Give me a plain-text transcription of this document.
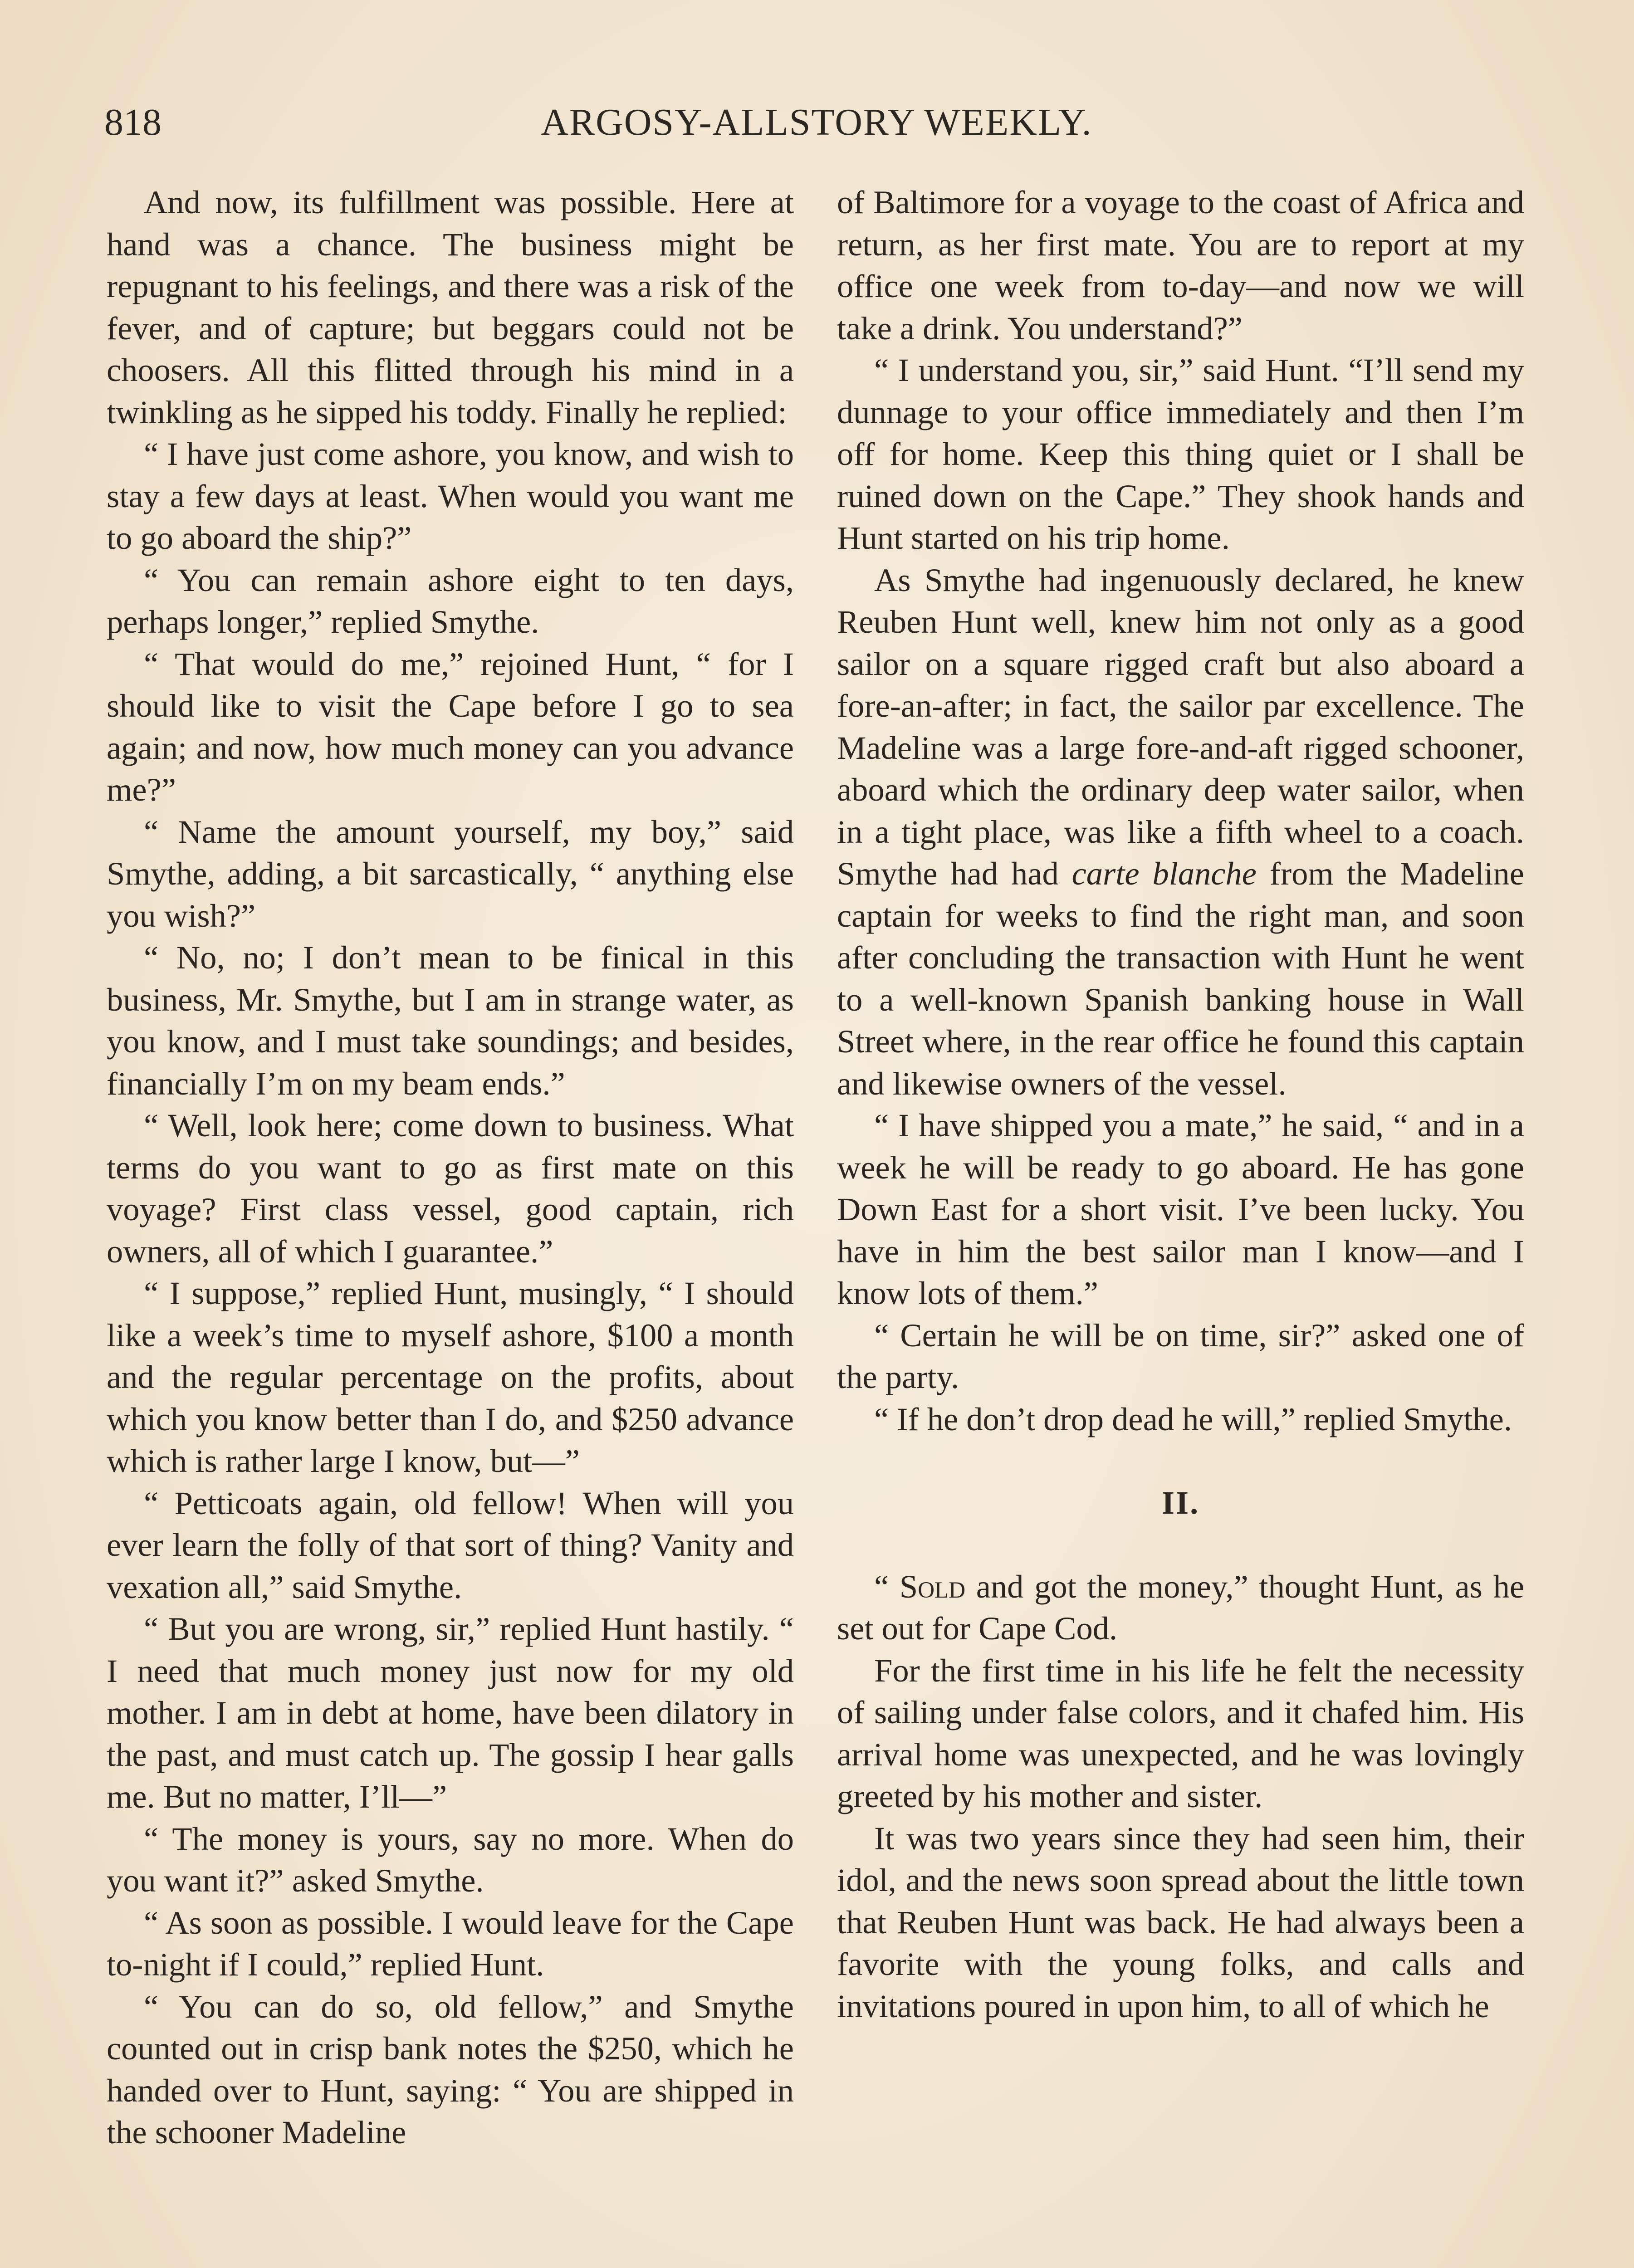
818	ARGOSY-ALLSTORY WEEKLY.

And now, its fulfillment was possible. Here at hand was a chance. The business might be repugnant to his feelings, and there was a risk of the fever, and of capture; but beggars could not be choosers. All this flitted through his mind in a twinkling as he sipped his toddy. Finally he replied:

“ I have just come ashore, you know, and wish to stay a few days at least. When would you want me to go aboard the ship?”

“ You can remain ashore eight to ten days, perhaps longer,” replied Smythe.

“ That would do me,” rejoined Hunt, “ for I should like to visit the Cape before I go to sea again; and now, how much money can you advance me?”

“ Name the amount yourself, my boy,” said Smythe, adding, a bit sarcastically, “ anything else you wish?”

“ No, no; I don’t mean to be finical in this business, Mr. Smythe, but I am in strange water, as you know, and I must take soundings; and besides, financially I’m on my beam ends.”

“ Well, look here; come down to business. What terms do you want to go as first mate on this voyage? First class vessel, good captain, rich owners, all of which I guarantee.”

“ I suppose,” replied Hunt, musingly, “ I should like a week’s time to myself ashore, $100 a month and the regular percentage on the profits, about which you know better than I do, and $250 advance which is rather large I know, but—”

“ Petticoats again, old fellow! When will you ever learn the folly of that sort of thing? Vanity and vexation all,” said Smythe.

“ But you are wrong, sir,” replied Hunt hastily. “ I need that much money just now for my old mother. I am in debt at home, have been dilatory in the past, and must catch up. The gossip I hear galls me. But no matter, I’ll—”

“ The money is yours, say no more. When do you want it?” asked Smythe.

“ As soon as possible. I would leave for the Cape to-night if I could,” replied Hunt.

“ You can do so, old fellow,” and Smythe counted out in crisp bank notes the $250, which he handed over to Hunt, saying: “ You are shipped in the schooner Madeline

of Baltimore for a voyage to the coast of Africa and return, as her first mate. You are to report at my office one week from to-day—and now we will take a drink. You understand?”

“ I understand you, sir,” said Hunt. “I’ll send my dunnage to your office immediately and then I’m off for home. Keep this thing quiet or I shall be ruined down on the Cape.” They shook hands and Hunt started on his trip home.

As Smythe had ingenuously declared, he knew Reuben Hunt well, knew him not only as a good sailor on a square rigged craft but also aboard a fore-an-after; in fact, the sailor par excellence. The Madeline was a large fore-and-aft rigged schooner, aboard which the ordinary deep water sailor, when in a tight place, was like a fifth wheel to a coach. Smythe had had carte blanche from the Madeline captain for weeks to find the right man, and soon after concluding the transaction with Hunt he went to a well-known Spanish banking house in Wall Street where, in the rear office he found this captain and likewise owners of the vessel.

“ I have shipped you a mate,” he said, “ and in a week he will be ready to go aboard. He has gone Down East for a short visit. I’ve been lucky. You have in him the best sailor man I know—and I know lots of them.”

“ Certain he will be on time, sir?” asked one of the party.

“ If he don’t drop dead he will,” replied Smythe.

II.

“ Sold and got the money,” thought Hunt, as he set out for Cape Cod.

For the first time in his life he felt the necessity of sailing under false colors, and it chafed him. His arrival home was unexpected, and he was lovingly greeted by his mother and sister.

It was two years since they had seen him, their idol, and the news soon spread about the little town that Reuben Hunt was back. He had always been a favorite with the young folks, and calls and invitations poured in upon him, to all of which he
